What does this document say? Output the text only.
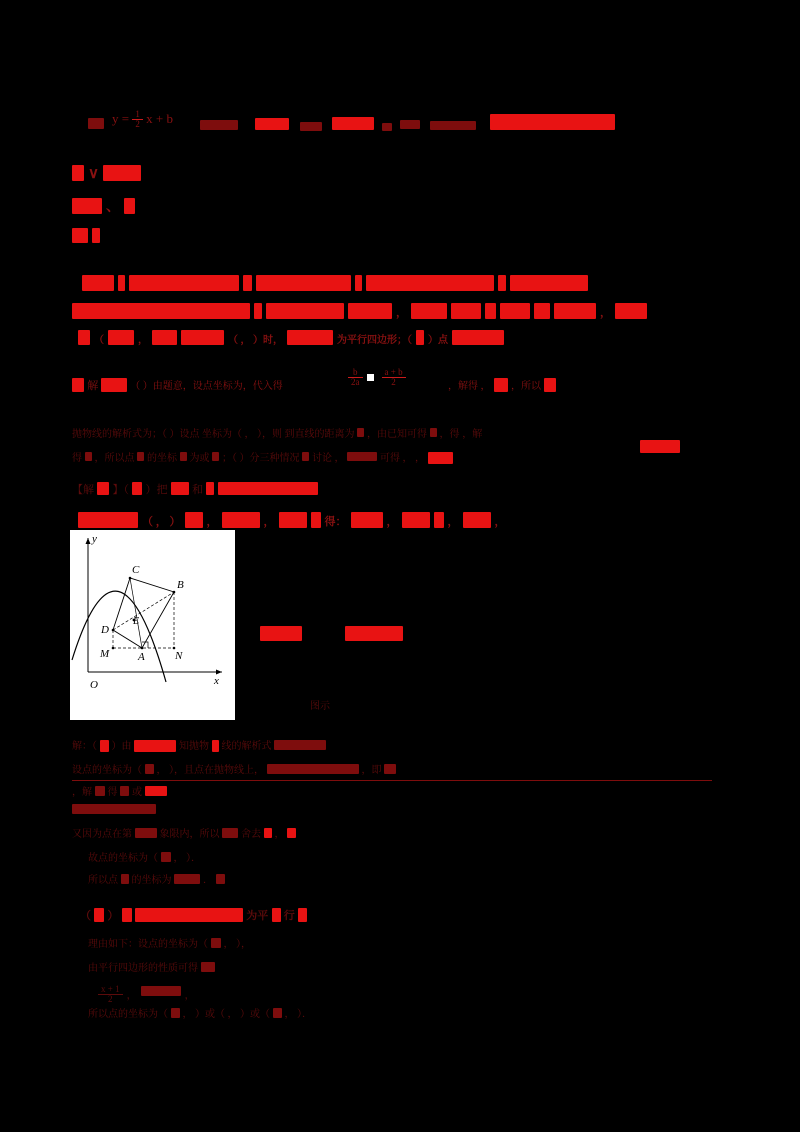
$y = \frac{1}{2}$ x + b

∨
、

，	，
（	，	（ ， ）时，	为平行四边形；（ ）点
解	（ ）由题意，设点坐标为，代入得	$\frac{b}{2a}$
$\frac{a + b}{2}$	，解得 ， ，所以
抛物线的解析式为；（ ）设点 坐标为（ ， ），则 到直线的距离为 ，由已知可得 ，得 ，解
得 ，所以点 的坐标 为或 ；（ ）分三种情况 讨论 ，	可得 ， ，

【解 】（ ）把 和
（ ， ） ，	，	得：	，	，	，
C
B
D
E
M	A	N
y
x
O

图示
解：（ ）由	知抛物 线的解析式
设点的坐标为（ ， ），且点在抛物线上，	，即
，解 得 或

又因为点在第	象限内，所以 舍去 ，
故点的坐标为（ ， ）．
所以点 的坐标为	．
（ ）	为平 行
理由如下：设点的坐标为（ ， ），
由平行四边形的性质可得
$\frac{x + 1}{2}$ ，	，
所以点的坐标为（ ， ）或（ ， ）或（ ， ）．
